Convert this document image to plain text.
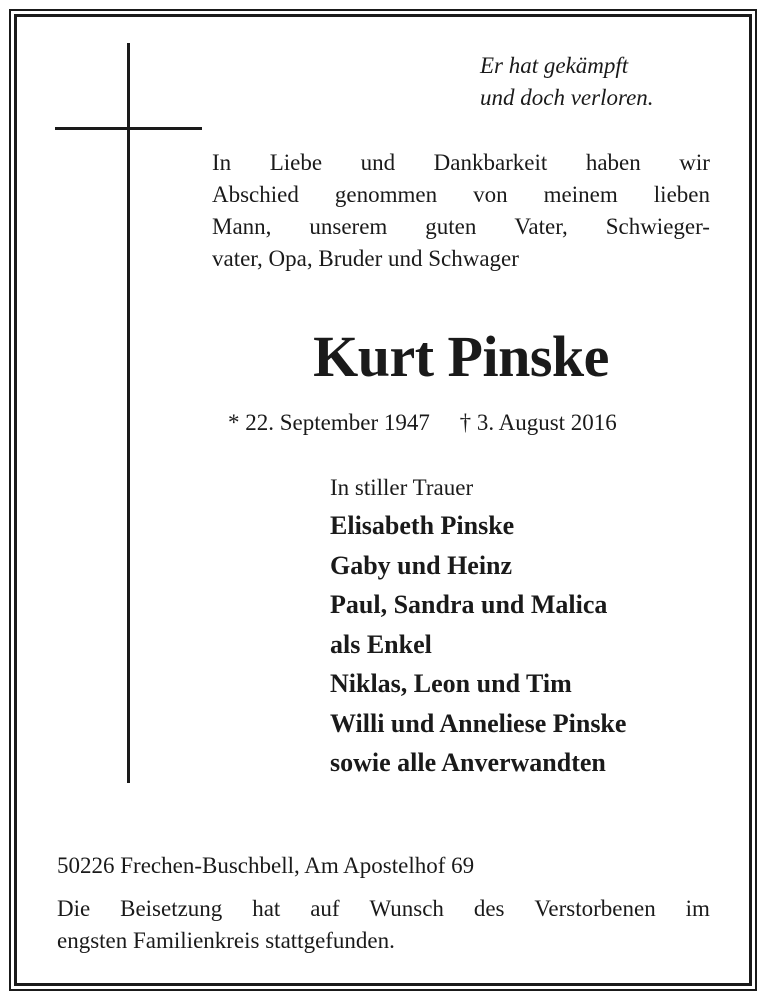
Er hat gekämpft
und doch verloren.
In Liebe und Dankbarkeit haben wir
Abschied genommen von meinem lieben
Mann, unserem guten Vater, Schwieger-
vater, Opa, Bruder und Schwager
Kurt Pinske
* 22. September 1947 † 3. August 2016
In stiller Trauer
Elisabeth Pinske
Gaby und Heinz
Paul, Sandra und Malica
als Enkel
Niklas, Leon und Tim
Willi und Anneliese Pinske
sowie alle Anverwandten
50226 Frechen-Buschbell, Am Apostelhof 69
Die Beisetzung hat auf Wunsch des Verstorbenen im
engsten Familienkreis stattgefunden.
